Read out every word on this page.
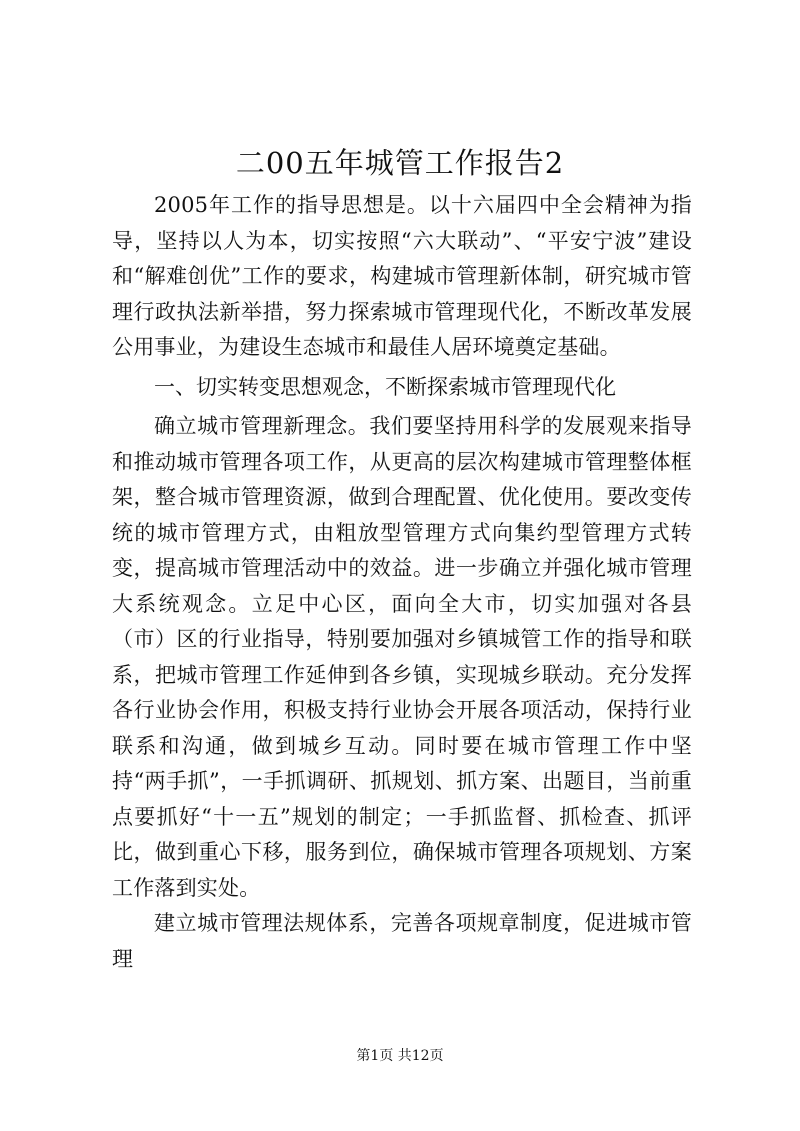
二00五年城管工作报告2

2005年工作的指导思想是。以十六届四中全会精神为指导，坚持以人为本，切实按照“六大联动”、“平安宁波”建设和“解难创优”工作的要求，构建城市管理新体制，研究城市管理行政执法新举措，努力探索城市管理现代化，不断改革发展公用事业，为建设生态城市和最佳人居环境奠定基础。

一、切实转变思想观念，不断探索城市管理现代化

确立城市管理新理念。我们要坚持用科学的发展观来指导和推动城市管理各项工作，从更高的层次构建城市管理整体框架，整合城市管理资源，做到合理配置、优化使用。要改变传统的城市管理方式，由粗放型管理方式向集约型管理方式转变，提高城市管理活动中的效益。进一步确立并强化城市管理大系统观念。立足中心区，面向全大市，切实加强对各县（市）区的行业指导，特别要加强对乡镇城管工作的指导和联系，把城市管理工作延伸到各乡镇，实现城乡联动。充分发挥各行业协会作用，积极支持行业协会开展各项活动，保持行业联系和沟通，做到城乡互动。同时要在城市管理工作中坚持“两手抓”，一手抓调研、抓规划、抓方案、出题目，当前重点要抓好“十一五”规划的制定；一手抓监督、抓检查、抓评比，做到重心下移，服务到位，确保城市管理各项规划、方案工作落到实处。

建立城市管理法规体系，完善各项规章制度，促进城市管理

第1页 共12页
